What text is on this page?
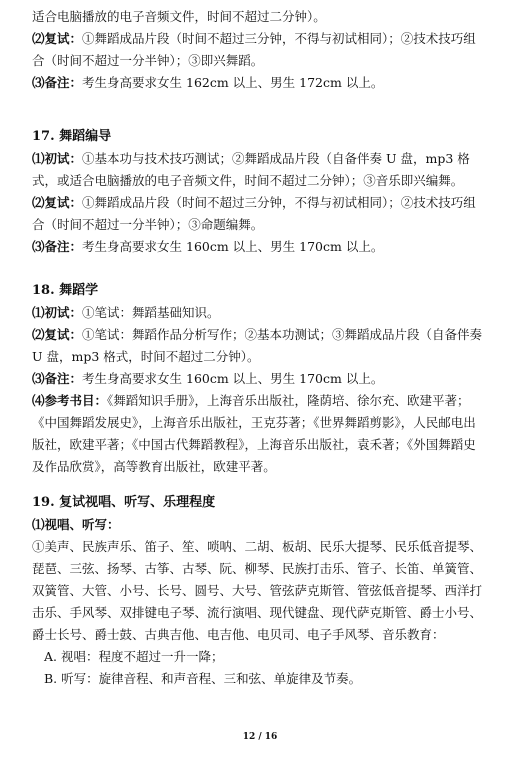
适合电脑播放的电子音频文件，时间不超过二分钟）。

⑵复试：①舞蹈成品片段（时间不超过三分钟，不得与初试相同）；②技术技巧组合（时间不超过一分半钟）；③即兴舞蹈。

⑶备注：考生身高要求女生 162cm 以上、男生 172cm 以上。

17. 舞蹈编导

⑴初试：①基本功与技术技巧测试；②舞蹈成品片段（自备伴奏 U 盘，mp3 格式，或适合电脑播放的电子音频文件，时间不超过二分钟）；③音乐即兴编舞。

⑵复试：①舞蹈成品片段（时间不超过三分钟，不得与初试相同）；②技术技巧组合（时间不超过一分半钟）；③命题编舞。

⑶备注：考生身高要求女生 160cm 以上、男生 170cm 以上。

18. 舞蹈学

⑴初试：①笔试：舞蹈基础知识。

⑵复试：①笔试：舞蹈作品分析写作；②基本功测试；③舞蹈成品片段（自备伴奏 U 盘，mp3 格式，时间不超过二分钟）。

⑶备注：考生身高要求女生 160cm 以上、男生 170cm 以上。

⑷参考书目：《舞蹈知识手册》，上海音乐出版社，隆荫培、徐尔充、欧建平著；《中国舞蹈发展史》，上海音乐出版社，王克芬著；《世界舞蹈剪影》，人民邮电出版社，欧建平著；《中国古代舞蹈教程》，上海音乐出版社，袁禾著；《外国舞蹈史及作品欣赏》，高等教育出版社，欧建平著。

19. 复试视唱、听写、乐理程度

⑴视唱、听写：

①美声、民族声乐、笛子、笙、唢呐、二胡、板胡、民乐大提琴、民乐低音提琴、琵琶、三弦、扬琴、古筝、古琴、阮、柳琴、民族打击乐、管子、长笛、单簧管、双簧管、大管、小号、长号、圆号、大号、管弦萨克斯管、管弦低音提琴、西洋打击乐、手风琴、双排键电子琴、流行演唱、现代键盘、现代萨克斯管、爵士小号、爵士长号、爵士鼓、古典吉他、电吉他、电贝司、电子手风琴、音乐教育：

A. 视唱：程度不超过一升一降；

B. 听写：旋律音程、和声音程、三和弦、单旋律及节奏。

12 / 16
